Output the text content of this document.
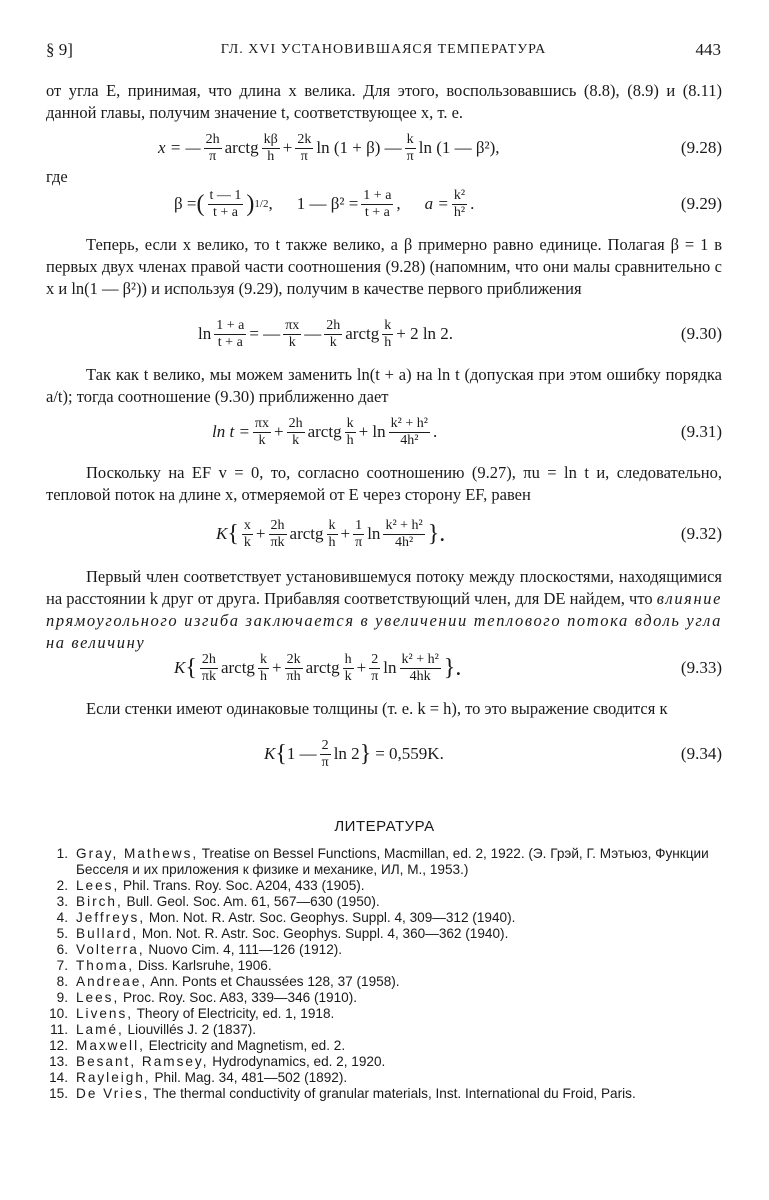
§ 9]	ГЛ. XVI УСТАНОВИВШАЯСЯ ТЕМПЕРАТУРА	443

от угла E, принимая, что длина x велика. Для этого, воспользовавшись (8.8), (8.9) и (8.11) данной главы, получим значение t, соответствующее x, т. е.

x = — 2h
π arctg kβ
$h + \frac{2k}{\pi}$ ln (1 + β) — k
π ln (1 — β²),	(9.28)

где

β = ( t — 1
t + a ) 1/2 , 1 — $\beta^2 = \frac{1 + a}{t + a}$ , $a = \frac{\text{k²}}{\text{h²}}$ .	(9.29)

Теперь, если x велико, то t также велико, а β примерно равно единице. Полагая β = 1 в первых двух членах правой части соотношения (9.28) (напомним, что они малы сравнительно с x и ln(1 — β²)) и используя (9.29), получим в качестве первого приближения

$\ln \frac{1 + a}{t + a}$ = — πx
k — 2h
k arctg k
h + 2 ln 2.	(9.30)

Так как t велико, мы можем заменить ln(t + a) на ln t (допуская при этом ошибку порядка a/t); тогда соотношение (9.30) приближенно дает

$\ln t = \frac{\pi x}{k} + \frac{2h}{k}$ arctg k
h + ln k² + h²
4h² .	(9.31)

Поскольку на EF v = 0, то, согласно соотношению (9.27), πu = ln t и, следовательно, тепловой поток на длине x, отмеряемой от E через сторону EF, равен

K { x
$k + \frac{2h}{\pi k}$ arctg k
$h + \frac{1}{\pi}$ ln k² + h²
4h² }.	(9.32)

Первый член соответствует установившемуся потоку между плоскостями, находящимися на расстоянии k друг от друга. Прибавляя соответствующий член, для DE найдем, что влияние прямоугольного изгиба заключается в увеличении теплового потока вдоль угла на величину

K { 2h
πk arctg k
$h + \frac{2k}{\pi h}$ arctg h
$k + \frac{2}{\pi}$ ln k² + h²
4hk }.	(9.33)

Если стенки имеют одинаковые толщины (т. е. k = h), то это выражение сводится к

K { 1 — 2
π ln 2 } = 0,559K.	(9.34)
ЛИТЕРАТУРА
1. Gray, Mathews, Treatise on Bessel Functions, Macmillan, ed. 2, 1922. (Э. Грэй, Г. Мэтьюз, Функции Бесселя и их приложения к физике и механике, ИЛ, М., 1953.)
2. Lees, Phil. Trans. Roy. Soc. A204, 433 (1905).
3. Birch, Bull. Geol. Soc. Am. 61, 567—630 (1950).
4. Jeffreys, Mon. Not. R. Astr. Soc. Geophys. Suppl. 4, 309—312 (1940).
5. Bullard, Mon. Not. R. Astr. Soc. Geophys. Suppl. 4, 360—362 (1940).
6. Volterra, Nuovo Cim. 4, 111—126 (1912).
7. Thoma, Diss. Karlsruhe, 1906.
8. Andreae, Ann. Ponts et Chaussées 128, 37 (1958).
9. Lees, Proc. Roy. Soc. A83, 339—346 (1910).
10. Livens, Theory of Electricity, ed. 1, 1918.
11. Lamé, Liouvillés J. 2 (1837).
12. Maxwell, Electricity and Magnetism, ed. 2.
13. Besant, Ramsey, Hydrodynamics, ed. 2, 1920.
14. Rayleigh, Phil. Mag. 34, 481—502 (1892).
15. De Vries, The thermal conductivity of granular materials, Inst. International du Froid, Paris.
